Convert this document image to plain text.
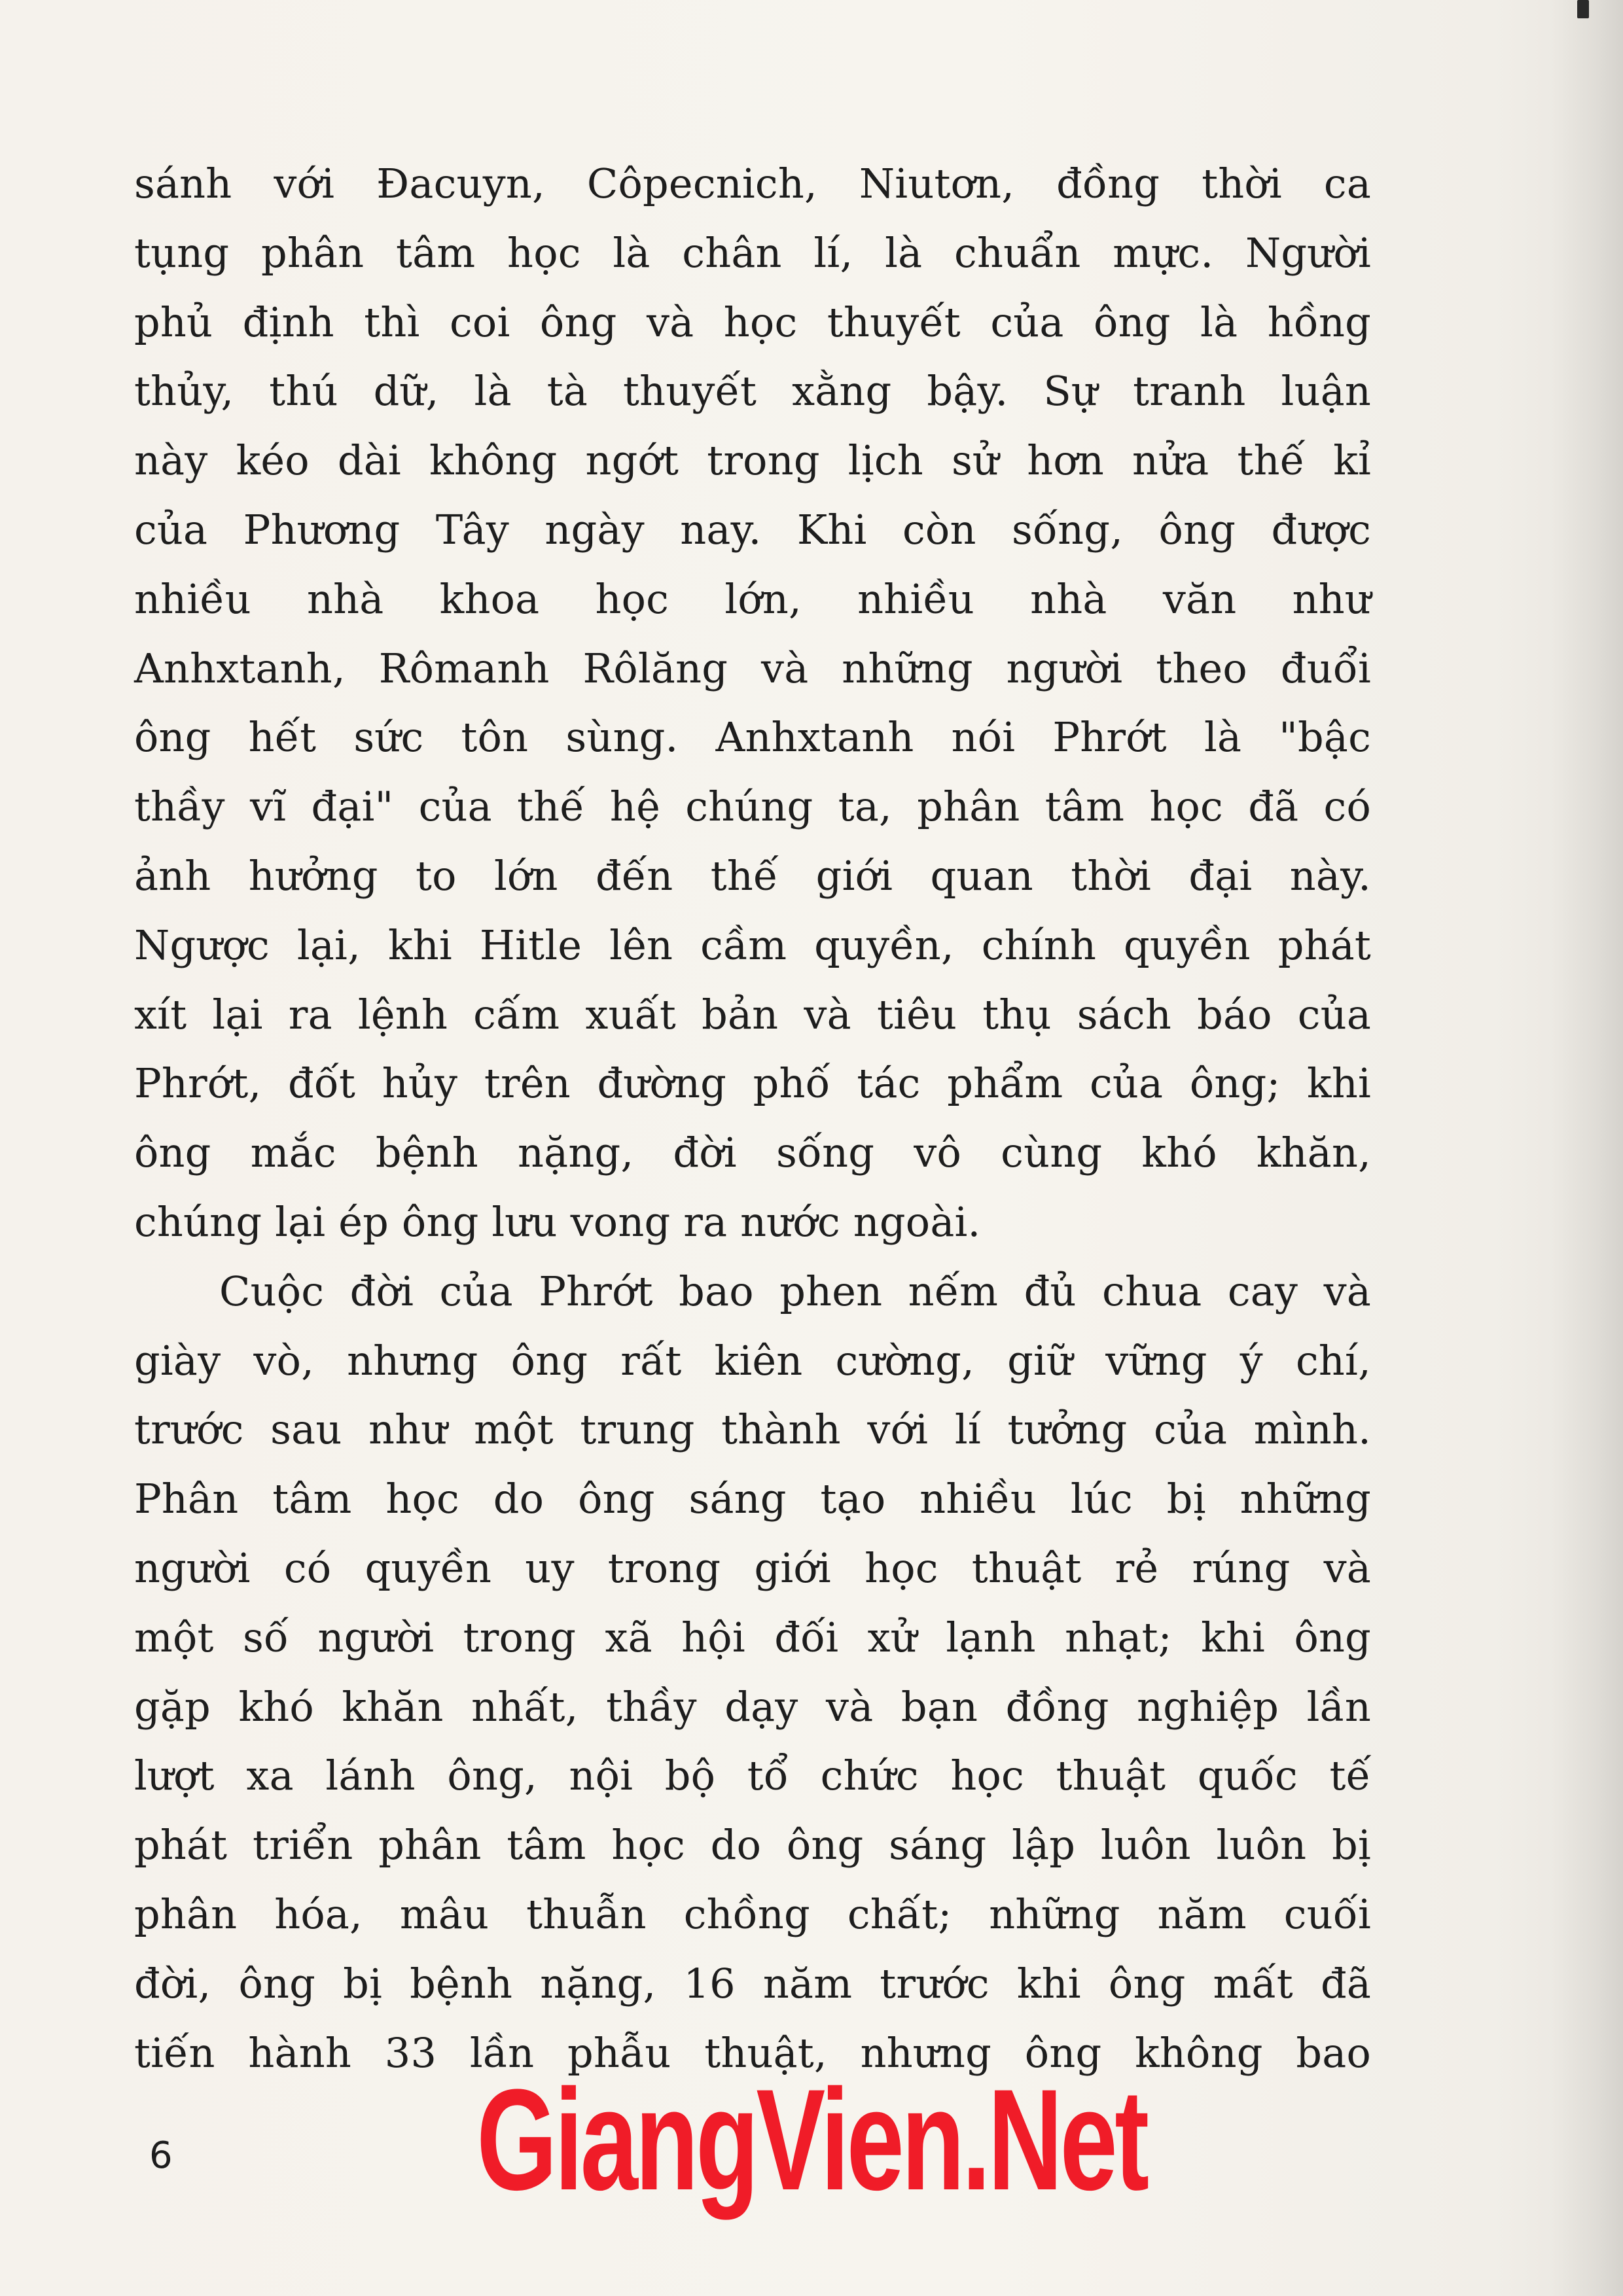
sánh với Đacuyn, Côpecnich, Niutơn, đồng thời ca
tụng phân tâm học là chân lí, là chuẩn mực. Người
phủ định thì coi ông và học thuyết của ông là hồng
thủy, thú dữ, là tà thuyết xằng bậy. Sự tranh luận
này kéo dài không ngớt trong lịch sử hơn nửa thế kỉ
của Phương Tây ngày nay. Khi còn sống, ông được
nhiều nhà khoa học lớn, nhiều nhà văn như
Anhxtanh, Rômanh Rôlăng và những người theo đuổi
ông hết sức tôn sùng. Anhxtanh nói Phrớt là "bậc
thầy vĩ đại" của thế hệ chúng ta, phân tâm học đã có
ảnh hưởng to lớn đến thế giới quan thời đại này.
Ngược lại, khi Hitle lên cầm quyền, chính quyền phát
xít lại ra lệnh cấm xuất bản và tiêu thụ sách báo của
Phrớt, đốt hủy trên đường phố tác phẩm của ông; khi
ông mắc bệnh nặng, đời sống vô cùng khó khăn,
chúng lại ép ông lưu vong ra nước ngoài.
Cuộc đời của Phrớt bao phen nếm đủ chua cay và
giày vò, nhưng ông rất kiên cường, giữ vững ý chí,
trước sau như một trung thành với lí tưởng của mình.
Phân tâm học do ông sáng tạo nhiều lúc bị những
người có quyền uy trong giới học thuật rẻ rúng và
một số người trong xã hội đối xử lạnh nhạt; khi ông
gặp khó khăn nhất, thầy dạy và bạn đồng nghiệp lần
lượt xa lánh ông, nội bộ tổ chức học thuật quốc tế
phát triển phân tâm học do ông sáng lập luôn luôn bị
phân hóa, mâu thuẫn chồng chất; những năm cuối
đời, ông bị bệnh nặng, 16 năm trước khi ông mất đã
tiến hành 33 lần phẫu thuật, nhưng ông không bao
6	GiangVien.Net
